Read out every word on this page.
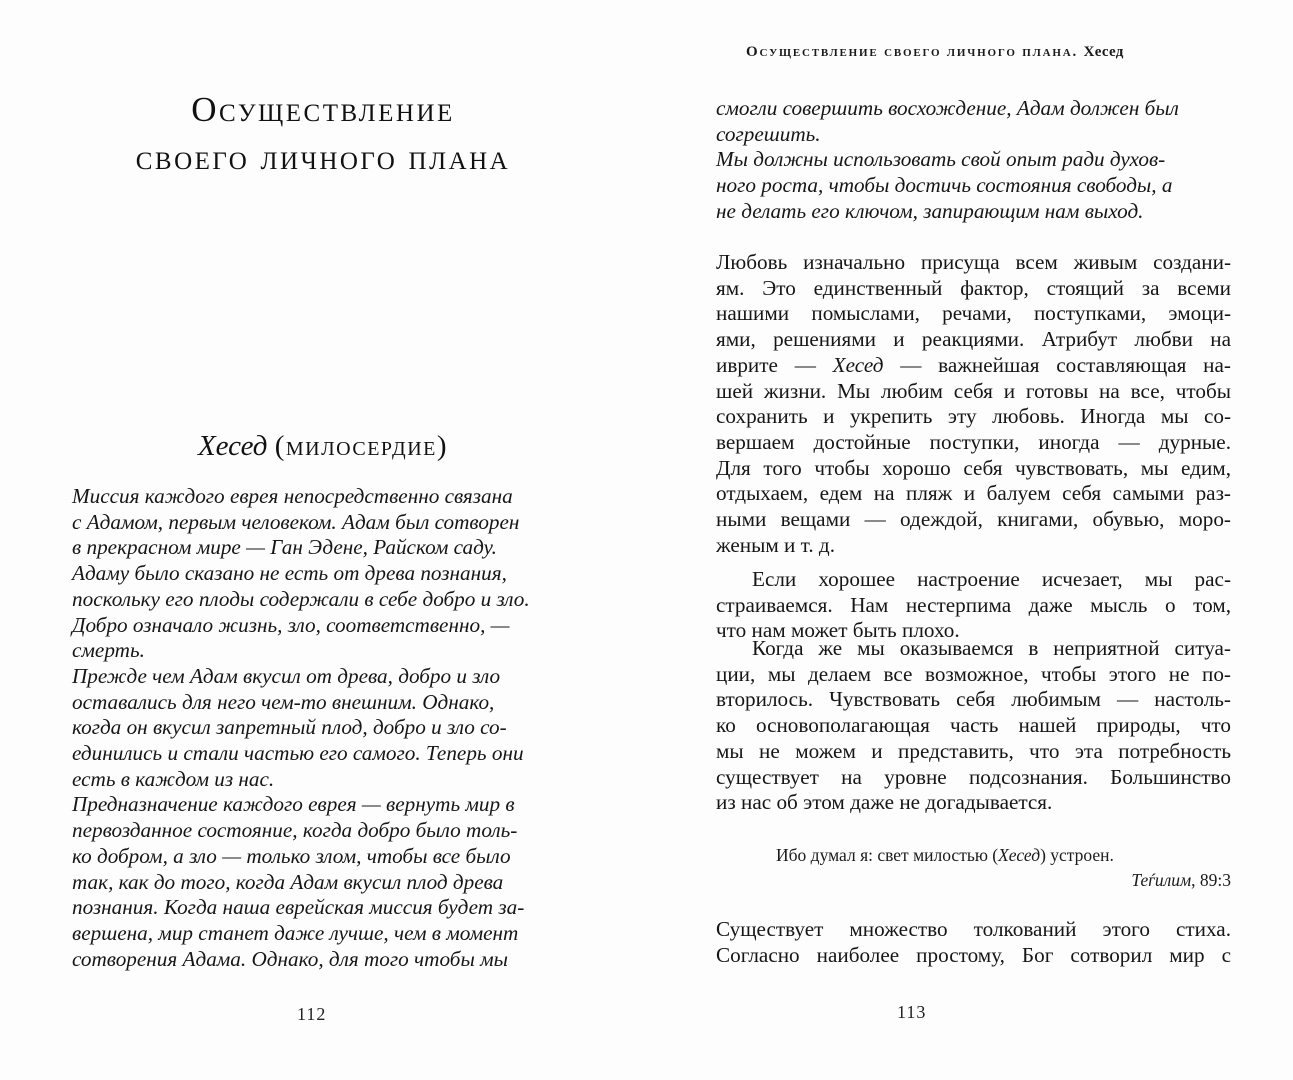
Осуществление
своего личного плана
Хесед (милосердие)
Миссия каждого еврея непосредственно связана
с Адамом, первым человеком. Адам был сотворен
в прекрасном мире — Ган Эдене, Райском саду.
Адаму было сказано не есть от древа познания,
поскольку его плоды содержали в себе добро и зло.
Добро означало жизнь, зло, соответственно, —
смерть.
Прежде чем Адам вкусил от древа, добро и зло
оставались для него чем-то внешним. Однако,
когда он вкусил запретный плод, добро и зло со-
единились и стали частью его самого. Теперь они
есть в каждом из нас.
Предназначение каждого еврея — вернуть мир в
первозданное состояние, когда добро было толь-
ко добром, а зло — только злом, чтобы все было
так, как до того, когда Адам вкусил плод древа
познания. Когда наша еврейская миссия будет за-
вершена, мир станет даже лучше, чем в момент
сотворения Адама. Однако, для того чтобы мы
112
Осуществление своего личного плана. Хесед
смогли совершить восхождение, Адам должен был
согрешить.
Мы должны использовать свой опыт ради духов-
ного роста, чтобы достичь состояния свободы, а
не делать его ключом, запирающим нам выход.
Любовь изначально присуща всем живым создани-
ям. Это единственный фактор, стоящий за всеми
нашими помыслами, речами, поступками, эмоци-
ями, решениями и реакциями. Атрибут любви на
иврите — Хесед — важнейшая составляющая на-
шей жизни. Мы любим себя и готовы на все, чтобы
сохранить и укрепить эту любовь. Иногда мы со-
вершаем достойные поступки, иногда — дурные.
Для того чтобы хорошо себя чувствовать, мы едим,
отдыхаем, едем на пляж и балуем себя самыми раз-
ными вещами — одеждой, книгами, обувью, моро-
женым и т. д.
Если хорошее настроение исчезает, мы рас-
страиваемся. Нам нестерпима даже мысль о том,
что нам может быть плохо.
Когда же мы оказываемся в неприятной ситуа-
ции, мы делаем все возможное, чтобы этого не по-
вторилось. Чувствовать себя любимым — настоль-
ко основополагающая часть нашей природы, что
мы не можем и представить, что эта потребность
существует на уровне подсознания. Большинство
из нас об этом даже не догадывается.
Ибо думал я: свет милостью (Хесед) устроен.
Теѓилим, 89:3
Существует множество толкований этого стиха.
Согласно наиболее простому, Бог сотворил мир с
113
